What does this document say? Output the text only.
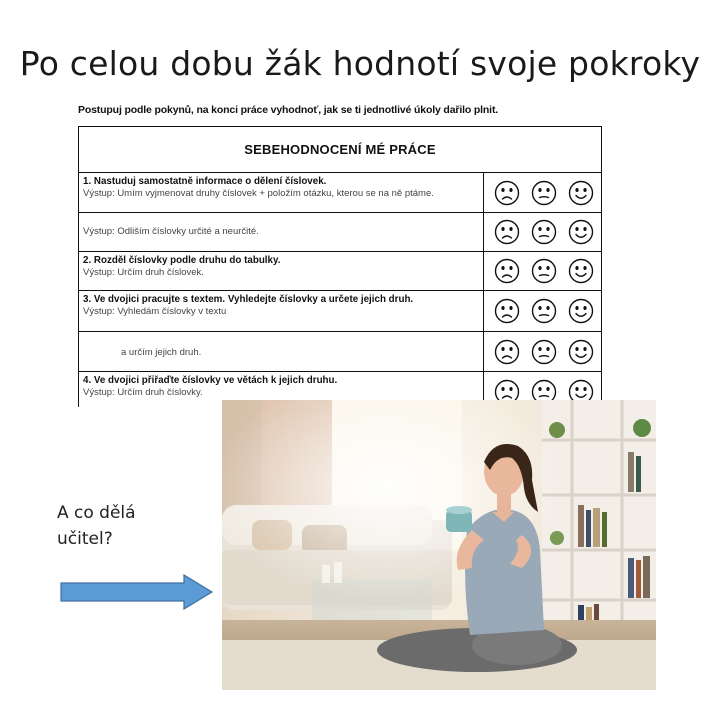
Po celou dobu žák hodnotí svoje pokroky
Postupuj podle pokynů, na konci práce vyhodnoť, jak se ti jednotlivé úkoly dařilo plnit.
SEBEHODNOCENÍ MÉ PRÁCE
1. Nastuduj samostatně informace o dělení číslovek.
Výstup: Umím vyjmenovat druhy číslovek + položím otázku, kterou se na ně ptáme.
Výstup: Odliším číslovky určité a neurčité.
2. Rozděl číslovky podle druhu do tabulky.
Výstup: Určím druh číslovek.
3. Ve dvojici pracujte s textem. Vyhledejte číslovky a určete jejich druh.
Výstup: Vyhledám číslovky v textu
a určím jejich druh.
4. Ve dvojici přiřaďte číslovky ve větách k jejich druhu.
Výstup: Určím druh číslovky.
A co dělá
učitel?
